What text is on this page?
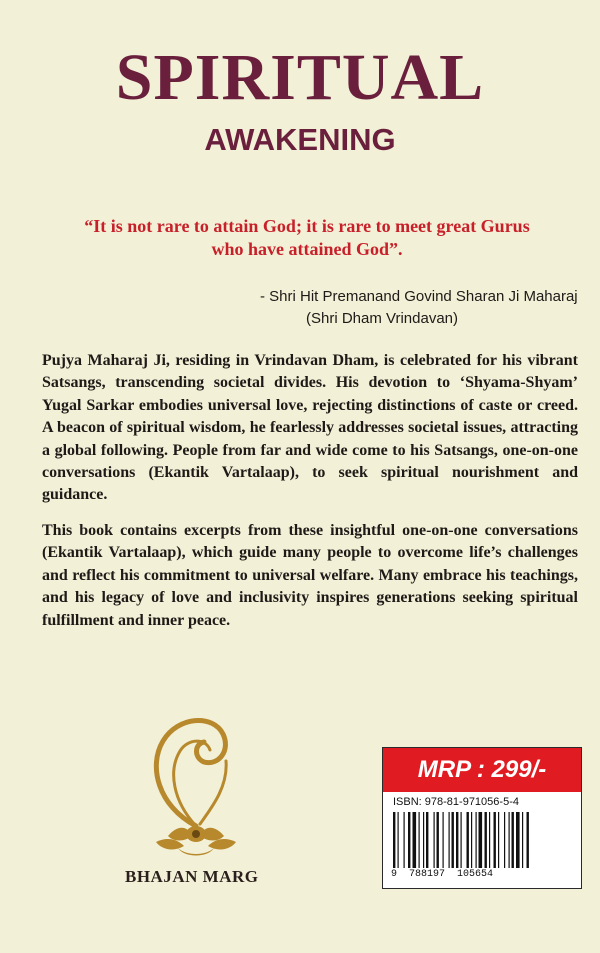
SPIRITUAL
AWAKENING
“It is not rare to attain God; it is rare to meet great Gurus
who have attained God”.
- Shri Hit Premanand Govind Sharan Ji Maharaj
(Shri Dham Vrindavan)

Pujya Maharaj Ji, residing in Vrindavan Dham, is celebrated for his vibrant Satsangs, transcending societal divides. His devotion to ‘Shyama-Shyam’ Yugal Sarkar embodies universal love, rejecting distinctions of caste or creed. A beacon of spiritual wisdom, he fearlessly addresses societal issues, attracting a global following. People from far and wide come to his Satsangs, one-on-one conversations (Ekantik Vartalaap), to seek spiritual nourishment and guidance.

This book contains excerpts from these insightful one-on-one conversations (Ekantik Vartalaap), which guide many people to overcome life’s challenges and reflect his commitment to universal welfare. Many embrace his teachings, and his legacy of love and inclusivity inspires generations seeking spiritual fulfillment and inner peace.

BHAJAN MARG
MRP : 299/-
ISBN: 978-81-971056-5-4
9 788197 105654
